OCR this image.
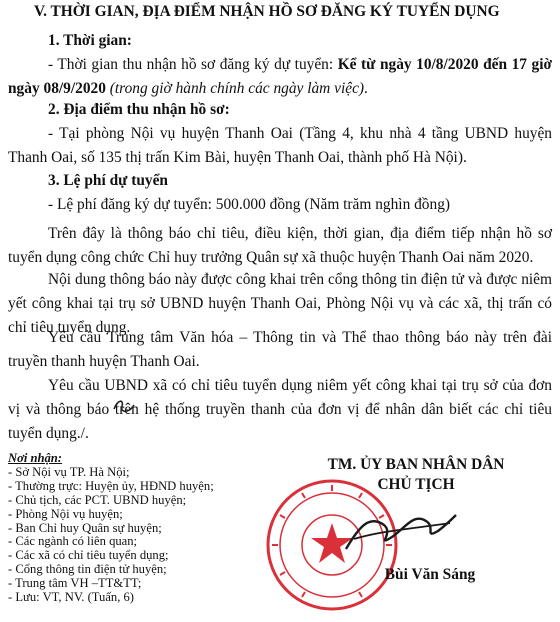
V. THỜI GIAN, ĐỊA ĐIỂM NHẬN HỒ SƠ ĐĂNG KÝ TUYỂN DỤNG
1. Thời gian:

- Thời gian thu nhận hồ sơ đăng ký dự tuyển: Kể từ ngày 10/8/2020 đến 17 giờ ngày 08/9/2020 (trong giờ hành chính các ngày làm việc).

2. Địa điểm thu nhận hồ sơ:

- Tại phòng Nội vụ huyện Thanh Oai (Tầng 4, khu nhà 4 tầng UBND huyện Thanh Oai, số 135 thị trấn Kim Bài, huyện Thanh Oai, thành phố Hà Nội).

3. Lệ phí dự tuyển

- Lệ phí đăng ký dự tuyển: 500.000 đồng (Năm trăm nghìn đồng)

Trên đây là thông báo chỉ tiêu, điều kiện, thời gian, địa điểm tiếp nhận hồ sơ tuyển dụng công chức Chỉ huy trưởng Quân sự xã thuộc huyện Thanh Oai năm 2020.

Nội dung thông báo này được công khai trên cổng thông tin điện tử và được niêm yết công khai tại trụ sở UBND huyện Thanh Oai, Phòng Nội vụ và các xã, thị trấn có chỉ tiêu tuyển dụng.

Yêu cầu Trung tâm Văn hóa – Thông tin và Thể thao thông báo này trên đài truyền thanh huyện Thanh Oai.

Yêu cầu UBND xã có chỉ tiêu tuyển dụng niêm yết công khai tại trụ sở của đơn vị và thông báo trên hệ thống truyền thanh của đơn vị để nhân dân biết các chỉ tiêu tuyển dụng./.

Nơi nhận:
- Sở Nội vụ TP. Hà Nội;
- Thường trực: Huyện ủy, HĐND huyện;
- Chủ tịch, các PCT. UBND huyện;
- Phòng Nội vụ huyện;
- Ban Chỉ huy Quân sự huyện;
- Các ngành có liên quan;
- Các xã có chỉ tiêu tuyển dụng;
- Cổng thông tin điện tử huyện;
- Trung tâm VH –TT&TT;
- Lưu: VT, NV. (Tuấn, 6)
TM. ỦY BAN NHÂN DÂN
CHỦ TỊCH
Bùi Văn Sáng
